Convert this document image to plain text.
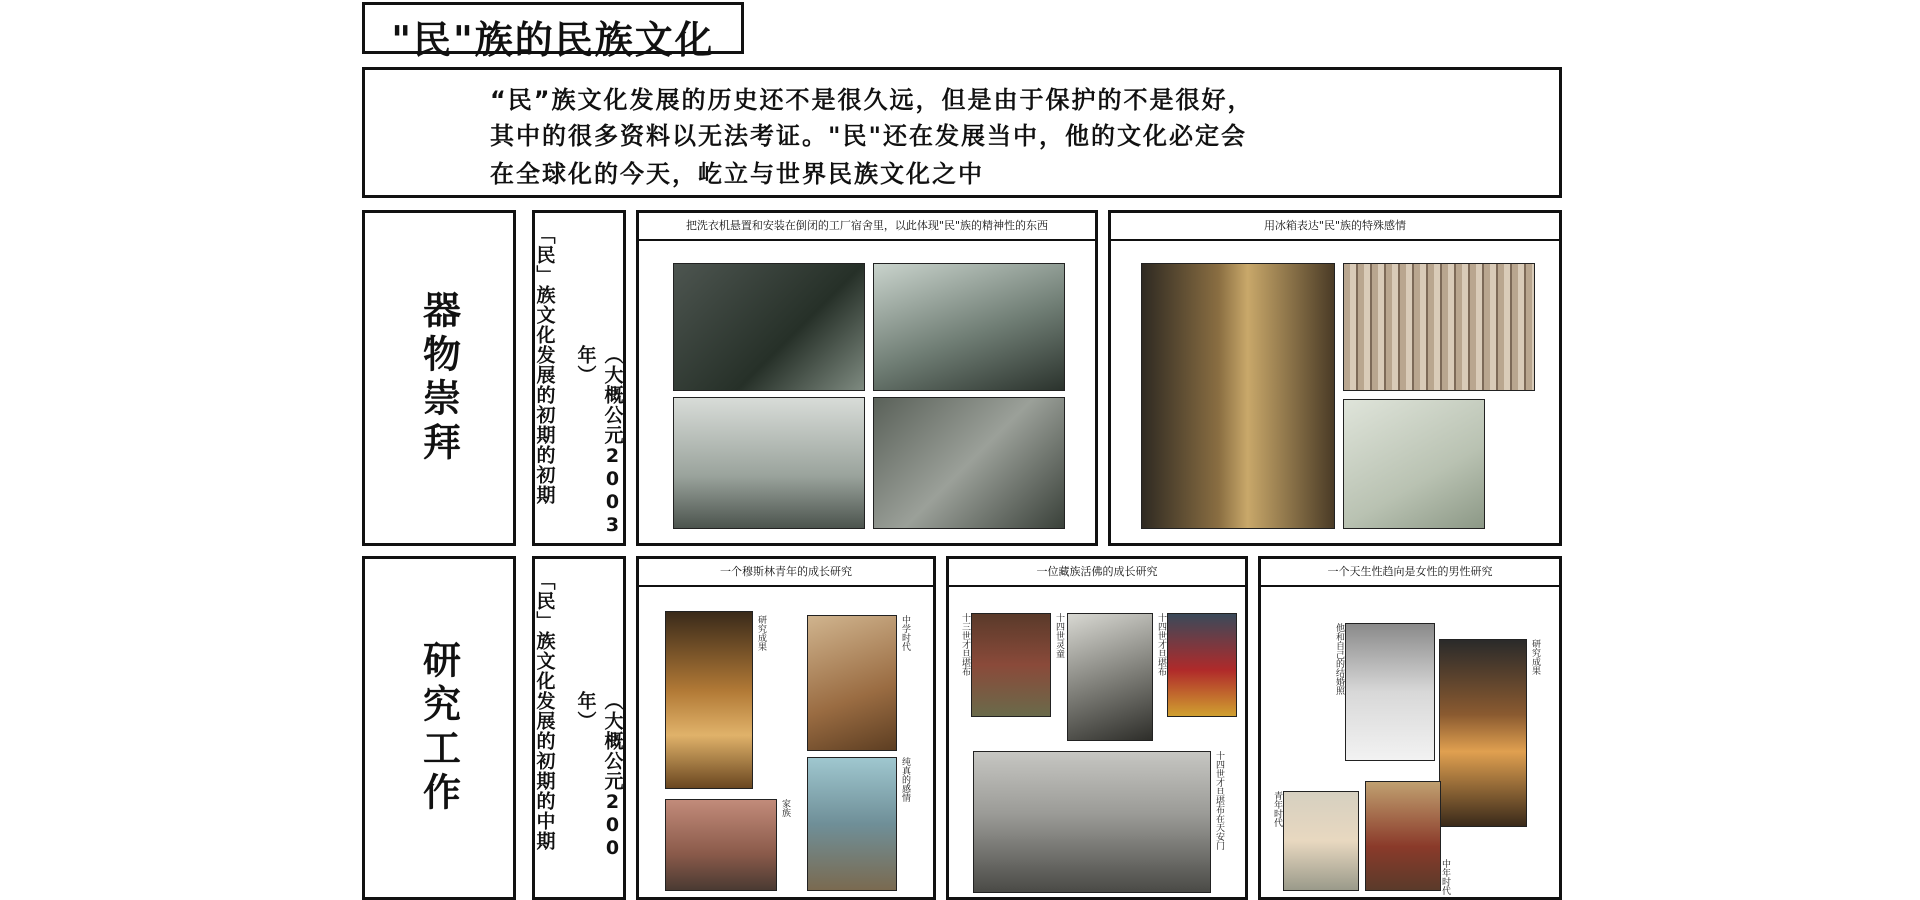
"民"族的民族文化
“民”族文化发展的历史还不是很久远，但是由于保护的不是很好，
其中的很多资料以无法考证。"民"还在发展当中，他的文化必定会
在全球化的今天，屹立与世界民族文化之中
器物崇拜	「民」族文化发展的初期的初期	（大概公元2003年）
把洗衣机悬置和安装在倒闭的工厂宿舍里，以此体现"民"族的精神性的东西	用冰箱表达"民"族的特殊感情
研究工作	「民」族文化发展的初期的中期	（大概公元200 年）
一个穆斯林青年的成长研究
研究成果	中学时代
纯真的感情
家族
一位藏族活佛的成长研究
十三世才旦堪布	十四世灵童	十四世才旦堪布
十四世才旦堪布在天安门
一个天生性趋向是女性的男性研究
他和自己的结婚照	研究成果
青年时代
中年时代
